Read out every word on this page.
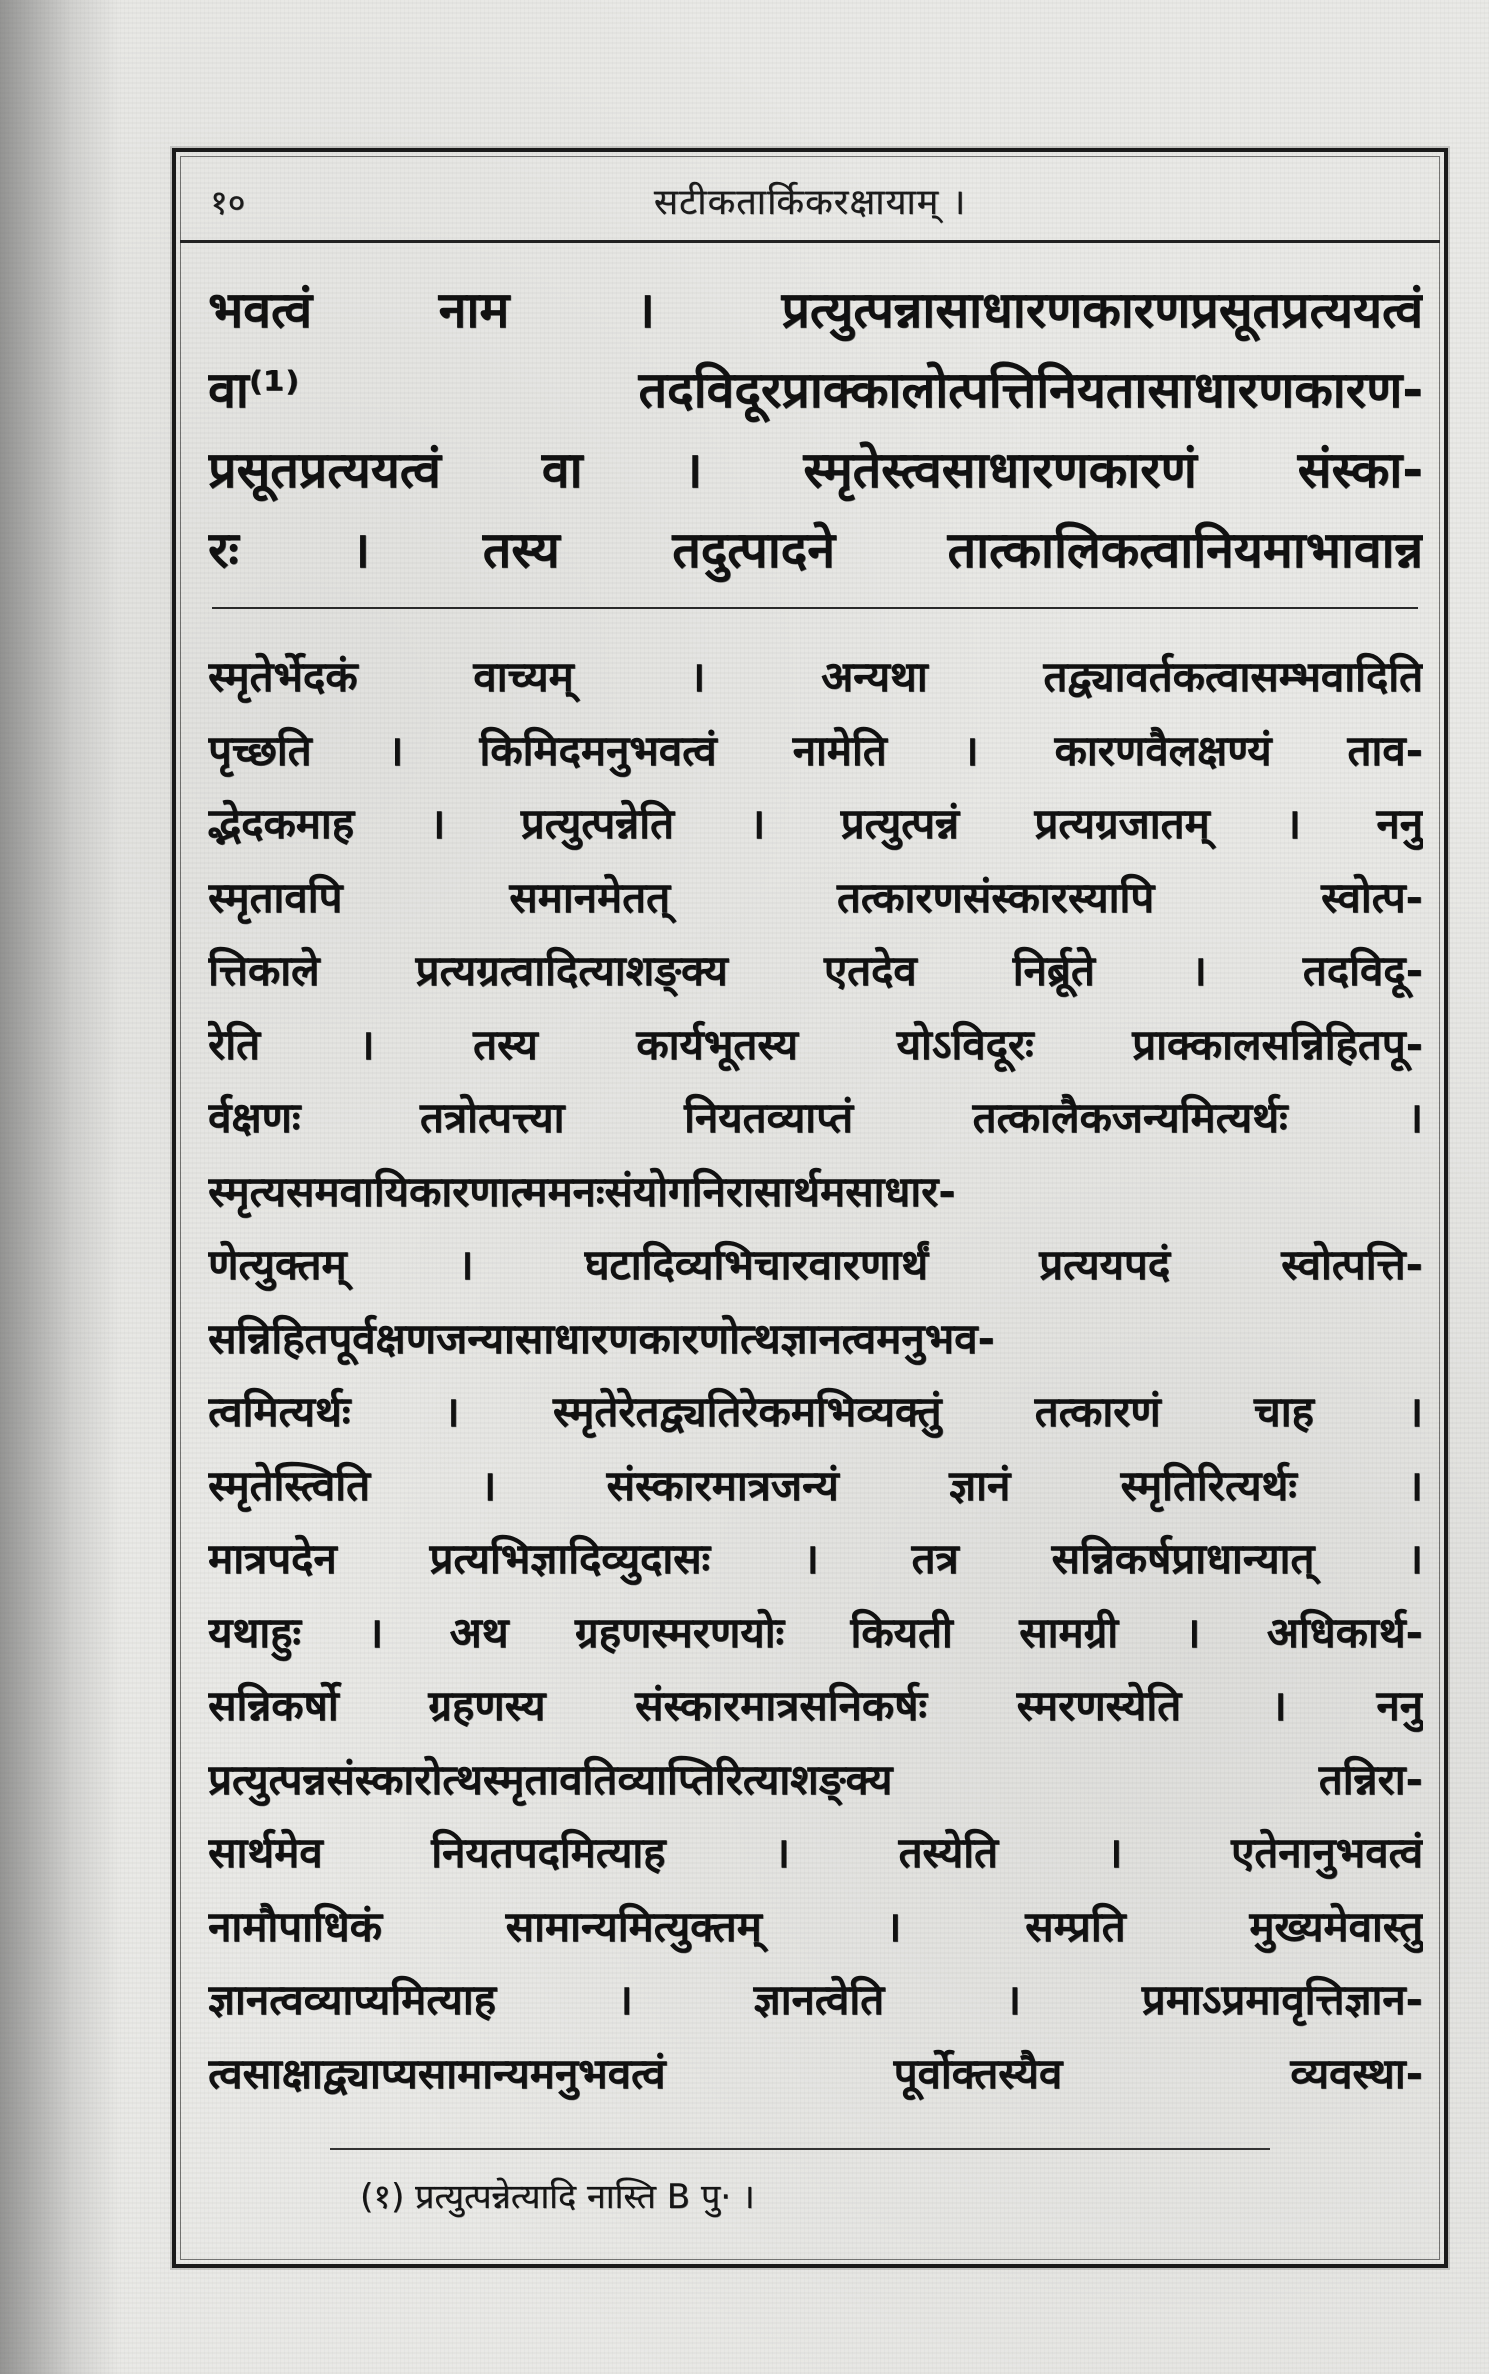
१०	सटीकतार्किकरक्षायाम् ।
भवत्वं नाम । प्रत्युत्पन्नासाधारणकारणप्रसूतप्रत्ययत्वं
वा⁽¹⁾ तदविदूरप्राक्कालोत्पत्तिनियतासाधारणकारण-
प्रसूतप्रत्ययत्वं वा । स्मृतेस्त्वसाधारणकारणं संस्का-
रः । तस्य तदुत्पादने तात्कालिकत्वानियमाभावान्न
स्मृतेर्भेदकं वाच्यम् । अन्यथा तद्व्यावर्तकत्वासम्भवादिति
पृच्छति । किमिदमनुभवत्वं नामेति । कारणवैलक्षण्यं ताव-
द्भेदकमाह । प्रत्युत्पन्नेति । प्रत्युत्पन्नं प्रत्यग्रजातम् । ननु
स्मृतावपि समानमेतत् तत्कारणसंस्कारस्यापि स्वोत्प-
त्तिकाले प्रत्यग्रत्वादित्याशङ्क्य एतदेव निर्ब्रूते । तदविदू-
रेति । तस्य कार्यभूतस्य योऽविदूरः प्राक्कालसन्निहितपू-
र्वक्षणः तत्रोत्पत्त्या नियतव्याप्तं तत्कालैकजन्यमित्यर्थः ।
स्मृत्यसमवायिकारणात्ममनःसंयोगनिरासार्थमसाधार-
णेत्युक्तम् । घटादिव्यभिचारवारणार्थं प्रत्ययपदं स्वोत्पत्ति-
सन्निहितपूर्वक्षणजन्यासाधारणकारणोत्थज्ञानत्वमनुभव-
त्वमित्यर्थः । स्मृतेरेतद्व्यतिरेकमभिव्यक्तुं तत्कारणं चाह ।
स्मृतेस्त्विति । संस्कारमात्रजन्यं ज्ञानं स्मृतिरित्यर्थः ।
मात्रपदेन प्रत्यभिज्ञादिव्युदासः । तत्र सन्निकर्षप्राधान्यात् ।
यथाहुः । अथ ग्रहणस्मरणयोः कियती सामग्री । अधिकार्थ-
सन्निकर्षो ग्रहणस्य संस्कारमात्रसनिकर्षः स्मरणस्येति । ननु
प्रत्युत्पन्नसंस्कारोत्थस्मृतावतिव्याप्तिरित्याशङ्क्य तन्निरा-
सार्थमेव नियतपदमित्याह । तस्येति । एतेनानुभवत्वं
नामौपाधिकं सामान्यमित्युक्तम् । सम्प्रति मुख्यमेवास्तु
ज्ञानत्वव्याप्यमित्याह । ज्ञानत्वेति । प्रमाऽप्रमावृत्तिज्ञान-
त्वसाक्षाद्व्याप्यसामान्यमनुभवत्वं पूर्वोक्तस्यैव व्यवस्था-
(१) प्रत्युत्पन्नेत्यादि नास्ति B पु· ।
